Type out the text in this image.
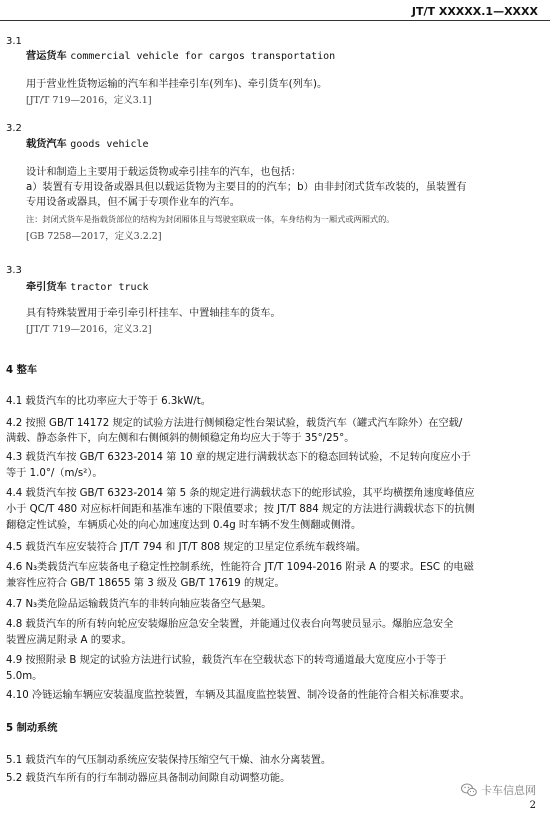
JT/T XXXXX.1—XXXX

3.1

营运货车 commercial vehicle for cargos transportation

用于营业性货物运输的汽车和半挂牵引车(列车)、牵引货车(列车)。

[JT/T 719—2016，定义3.1]

3.2

载货汽车 goods vehicle

设计和制造上主要用于载运货物或牵引挂车的汽车，也包括：

a）装置有专用设备或器具但以载运货物为主要目的的汽车；b）由非封闭式货车改装的，虽装置有

专用设备或器具，但不属于专项作业车的汽车。

注：封闭式货车是指载货部位的结构为封闭厢体且与驾驶室联成一体，车身结构为一厢式或两厢式的。

[GB 7258—2017，定义3.2.2]

3.3

牵引货车 tractor truck

具有特殊装置用于牵引牵引杆挂车、中置轴挂车的货车。

[JT/T 719—2016，定义3.2]

4 整车

4.1 载货汽车的比功率应大于等于 6.3kW/t。

4.2 按照 GB/T 14172 规定的试验方法进行侧倾稳定性台架试验，载货汽车（罐式汽车除外）在空载/

满载、静态条件下，向左侧和右侧倾斜的侧倾稳定角均应大于等于 35°/25°。

4.3 载货汽车按 GB/T 6323-2014 第 10 章的规定进行满载状态下的稳态回转试验，不足转向度应小于

等于 1.0°/（m/s²）。

4.4 载货汽车按 GB/T 6323-2014 第 5 条的规定进行满载状态下的蛇形试验，其平均横摆角速度峰值应

小于 QC/T 480 对应标杆间距和基准车速的下限值要求；按 JT/T 884 规定的方法进行满载状态下的抗侧

翻稳定性试验，车辆质心处的向心加速度达到 0.4g 时车辆不发生侧翻或侧滑。

4.5 载货汽车应安装符合 JT/T 794 和 JT/T 808 规定的卫星定位系统车载终端。

4.6 N₃类载货汽车应装备电子稳定性控制系统，性能符合 JT/T 1094-2016 附录 A 的要求。ESC 的电磁

兼容性应符合 GB/T 18655 第 3 级及 GB/T 17619 的规定。

4.7 N₃类危险品运输载货汽车的非转向轴应装备空气悬架。

4.8 载货汽车的所有转向轮应安装爆胎应急安全装置，并能通过仪表台向驾驶员显示。爆胎应急安全

装置应满足附录 A 的要求。

4.9 按照附录 B 规定的试验方法进行试验，载货汽车在空载状态下的转弯通道最大宽度应小于等于

5.0m。

4.10 冷链运输车辆应安装温度监控装置，车辆及其温度监控装置、制冷设备的性能符合相关标准要求。

5 制动系统

5.1 载货汽车的气压制动系统应安装保持压缩空气干燥、油水分离装置。

5.2 载货汽车所有的行车制动器应具备制动间隙自动调整功能。

卡车信息网
2
